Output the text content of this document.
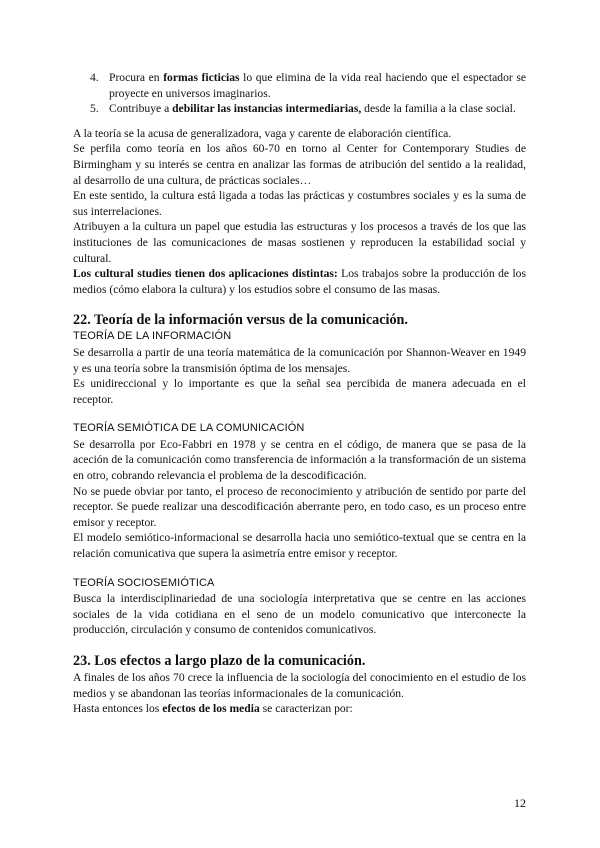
4. Procura en formas ficticias lo que elimina de la vida real haciendo que el espectador se proyecte en universos imaginarios.
5. Contribuye a debilitar las instancias intermediarias, desde la familia a la clase social.

A la teoría se la acusa de generalizadora, vaga y carente de elaboración científica.

Se perfila como teoría en los años 60-70 en torno al Center for Contemporary Studies de Birmingham y su interés se centra en analizar las formas de atribución del sentido a la realidad, al desarrollo de una cultura, de prácticas sociales…

En este sentido, la cultura está ligada a todas las prácticas y costumbres sociales y es la suma de sus interrelaciones.

Atribuyen a la cultura un papel que estudia las estructuras y los procesos a través de los que las instituciones de las comunicaciones de masas sostienen y reproducen la estabilidad social y cultural.

Los cultural studies tienen dos aplicaciones distintas: Los trabajos sobre la producción de los medios (cómo elabora la cultura) y los estudios sobre el consumo de las masas.

22. Teoría de la información versus de la comunicación.

TEORÍA DE LA INFORMACIÓN

Se desarrolla a partir de una teoría matemática de la comunicación por Shannon-Weaver en 1949 y es una teoría sobre la transmisión óptima de los mensajes.

Es unidireccional y lo importante es que la señal sea percibida de manera adecuada en el receptor.

TEORÍA SEMIÓTICA DE LA COMUNICACIÓN

Se desarrolla por Eco-Fabbri en 1978 y se centra en el código, de manera que se pasa de la aceción de la comunicación como transferencia de información a la transformación de un sistema en otro, cobrando relevancia el problema de la descodificación.

No se puede obviar por tanto, el proceso de reconocimiento y atribución de sentido por parte del receptor. Se puede realizar una descodificación aberrante pero, en todo caso, es un proceso entre emisor y receptor.

El modelo semiótico-informacional se desarrolla hacia uno semiótico-textual que se centra en la relación comunicativa que supera la asimetría entre emisor y receptor.

TEORÍA SOCIOSEMIÓTICA

Busca la interdisciplinariedad de una sociología interpretativa que se centre en las acciones sociales de la vida cotidiana en el seno de un modelo comunicativo que interconecte la producción, circulación y consumo de contenidos comunicativos.

23. Los efectos a largo plazo de la comunicación.

A finales de los años 70 crece la influencia de la sociología del conocimiento en el estudio de los medios y se abandonan las teorías informacionales de la comunicación.

Hasta entonces los efectos de los media se caracterizan por:

12
